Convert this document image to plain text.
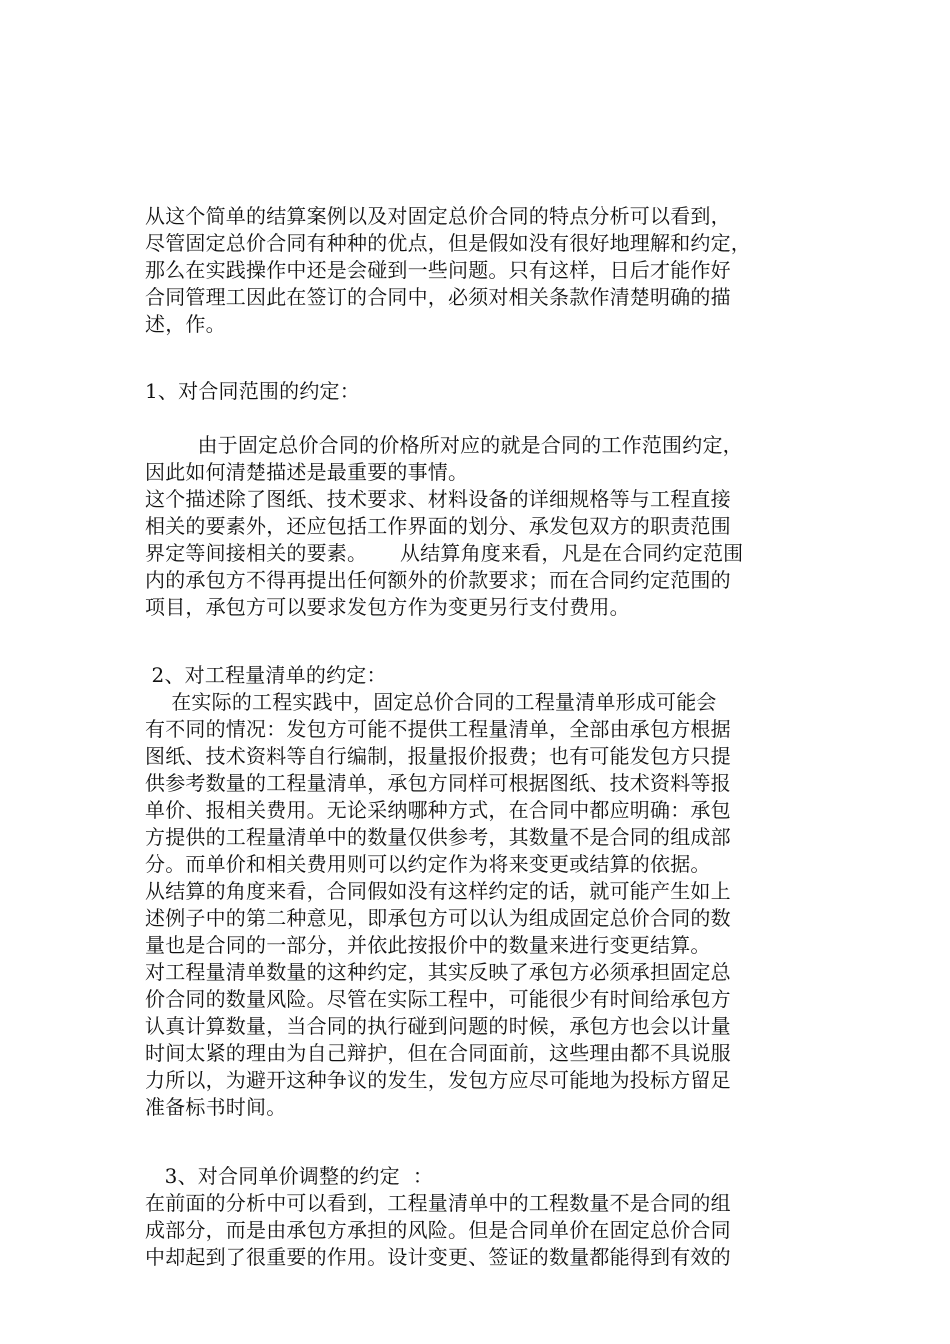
从这个简单的结算案例以及对固定总价合同的特点分析可以看到，
尽管固定总价合同有种种的优点，但是假如没有很好地理解和约定，
那么在实践操作中还是会碰到一些问题。只有这样，日后才能作好
合同管理工因此在签订的合同中，必须对相关条款作清楚明确的描
述，作。
1、对合同范围的约定：
由于固定总价合同的价格所对应的就是合同的工作范围约定，
因此如何清楚描述是最重要的事情。
这个描述除了图纸、技术要求、材料设备的详细规格等与工程直接
相关的要素外，还应包括工作界面的划分、承发包双方的职责范围
界定等间接相关的要素。     从结算角度来看，凡是在合同约定范围
内的承包方不得再提出任何额外的价款要求；而在合同约定范围的
项目，承包方可以要求发包方作为变更另行支付费用。
2、对工程量清单的约定：
在实际的工程实践中，固定总价合同的工程量清单形成可能会
有不同的情况：发包方可能不提供工程量清单，全部由承包方根据
图纸、技术资料等自行编制，报量报价报费；也有可能发包方只提
供参考数量的工程量清单，承包方同样可根据图纸、技术资料等报
单价、报相关费用。无论采纳哪种方式，在合同中都应明确：承包
方提供的工程量清单中的数量仅供参考，其数量不是合同的组成部
分。而单价和相关费用则可以约定作为将来变更或结算的依据。
从结算的角度来看，合同假如没有这样约定的话，就可能产生如上
述例子中的第二种意见，即承包方可以认为组成固定总价合同的数
量也是合同的一部分，并依此按报价中的数量来进行变更结算。
对工程量清单数量的这种约定，其实反映了承包方必须承担固定总
价合同的数量风险。尽管在实际工程中，可能很少有时间给承包方
认真计算数量，当合同的执行碰到问题的时候，承包方也会以计量
时间太紧的理由为自己辩护，但在合同面前，这些理由都不具说服
力所以，为避开这种争议的发生，发包方应尽可能地为投标方留足
准备标书时间。
3、对合同单价调整的约定  ：
在前面的分析中可以看到，工程量清单中的工程数量不是合同的组
成部分，而是由承包方承担的风险。但是合同单价在固定总价合同
中却起到了很重要的作用。设计变更、签证的数量都能得到有效的
